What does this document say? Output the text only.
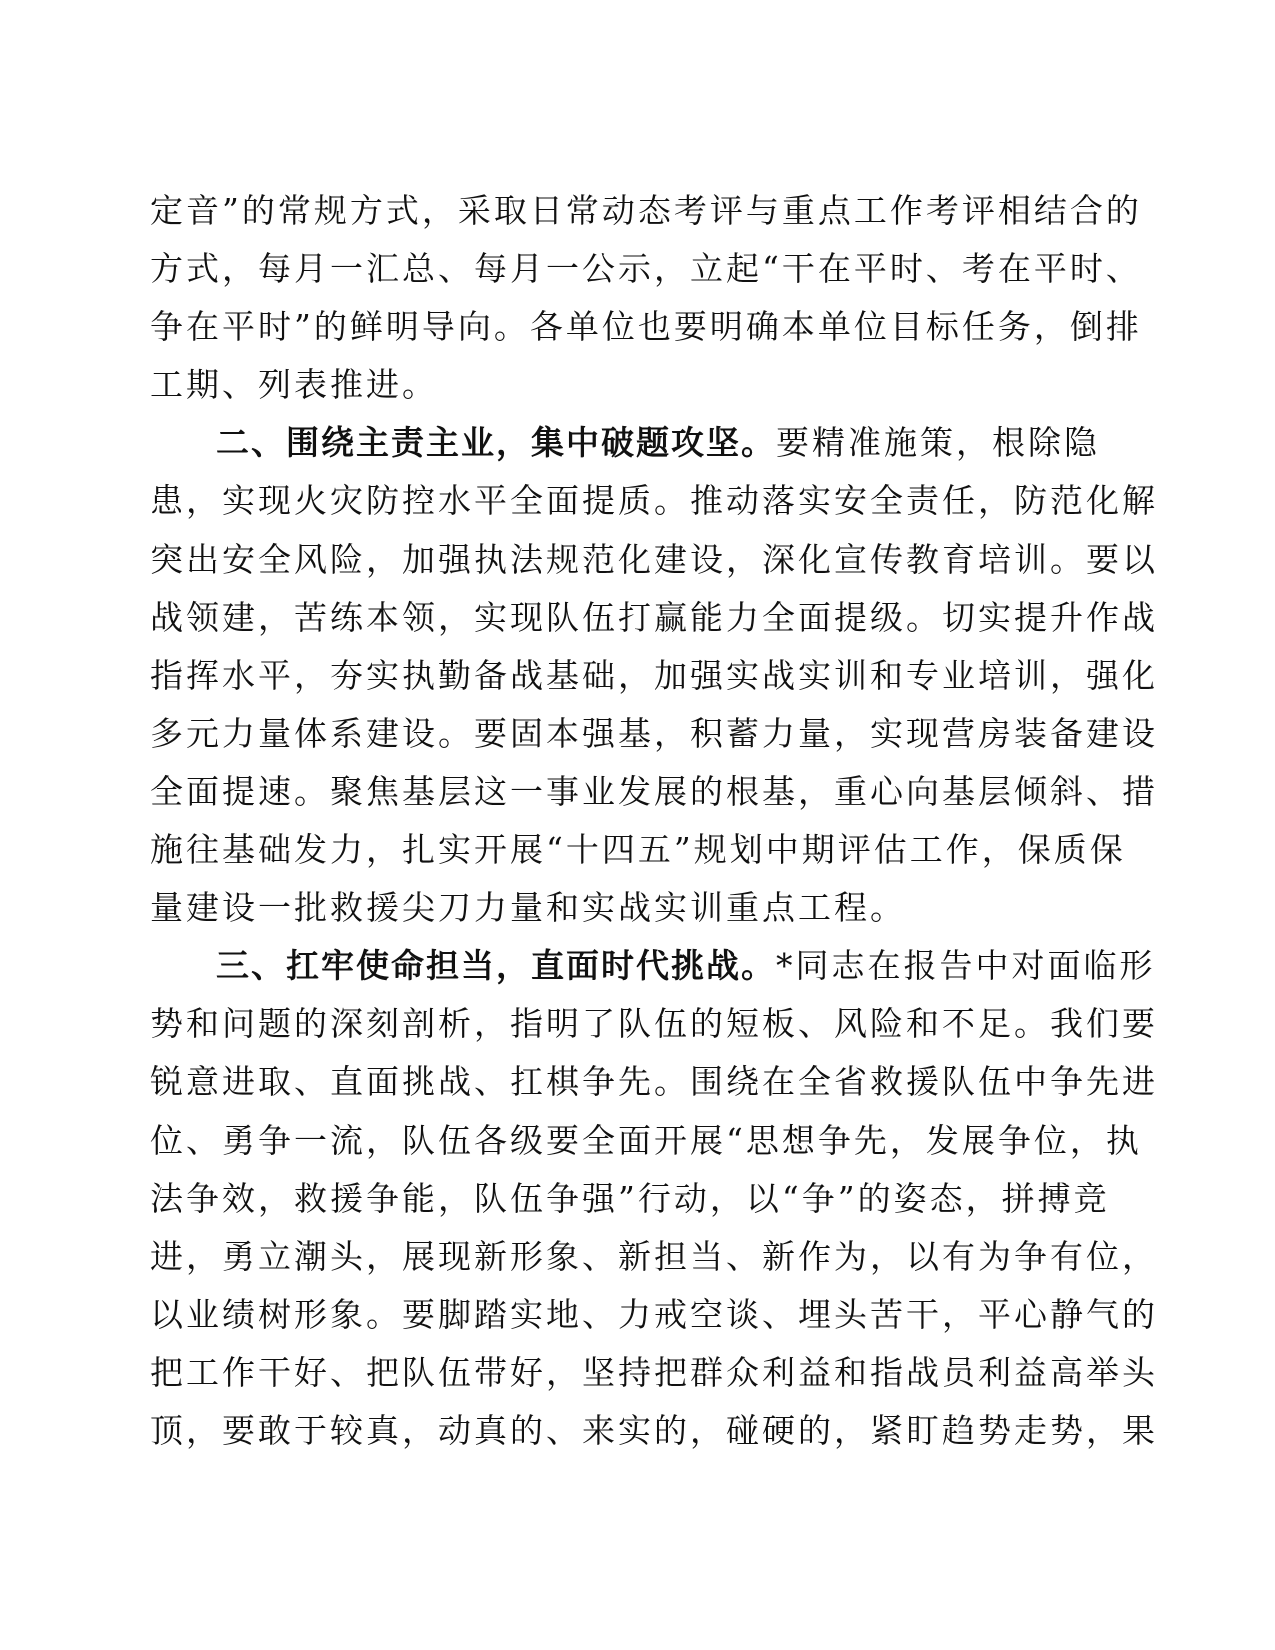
定音”的常规方式，采取日常动态考评与重点工作考评相结合的
方式，每月一汇总、每月一公示，立起“干在平时、考在平时、
争在平时”的鲜明导向。各单位也要明确本单位目标任务，倒排
工期、列表推进。
二、围绕主责主业，集中破题攻坚。要精准施策，根除隐
患，实现火灾防控水平全面提质。推动落实安全责任，防范化解
突出安全风险，加强执法规范化建设，深化宣传教育培训。要以
战领建，苦练本领，实现队伍打赢能力全面提级。切实提升作战
指挥水平，夯实执勤备战基础，加强实战实训和专业培训，强化
多元力量体系建设。要固本强基，积蓄力量，实现营房装备建设
全面提速。聚焦基层这一事业发展的根基，重心向基层倾斜、措
施往基础发力，扎实开展“十四五”规划中期评估工作，保质保
量建设一批救援尖刀力量和实战实训重点工程。
三、扛牢使命担当，直面时代挑战。*同志在报告中对面临形
势和问题的深刻剖析，指明了队伍的短板、风险和不足。我们要
锐意进取、直面挑战、扛棋争先。围绕在全省救援队伍中争先进
位、勇争一流，队伍各级要全面开展“思想争先，发展争位，执
法争效，救援争能，队伍争强”行动，以“争”的姿态，拼搏竞
进，勇立潮头，展现新形象、新担当、新作为，以有为争有位，
以业绩树形象。要脚踏实地、力戒空谈、埋头苦干，平心静气的
把工作干好、把队伍带好，坚持把群众利益和指战员利益高举头
顶，要敢于较真，动真的、来实的，碰硬的，紧盯趋势走势，果
